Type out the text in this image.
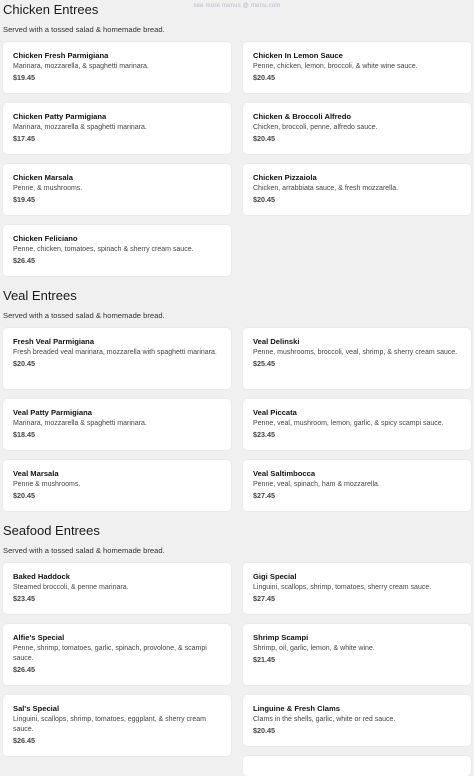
see more menus @ menu.com
Chicken Entrees
Served with a tossed salad & homemade bread.
Chicken Fresh Parmigiana
Marinara, mozzarella, & spaghetti marinara.
$19.45
Chicken Patty Parmigiana
Marinara, mozzarella & spaghetti marinara.
$17.45
Chicken Marsala
Penne, & mushrooms.
$19.45
Chicken Feliciano
Penne, chicken, tomatoes, spinach & sherry cream sauce.
$26.45
Chicken In Lemon Sauce
Penne, chicken, lemon, broccoli, & white wine sauce.
$20.45
Chicken & Broccoli Alfredo
Chicken, broccoli, penne, alfredo sauce.
$20.45
Chicken Pizzaiola
Chicken, arrabbiata sauce, & fresh mozzarella.
$20.45
Veal Entrees
Served with a tossed salad & homemade bread.
Fresh Veal Parmigiana
Fresh breaded veal marinara, mozzarella with spaghetti marinara.
$20.45
Veal Patty Parmigiana
Marinara, mozzarella & spaghetti marinara.
$18.45
Veal Marsala
Penne & mushrooms.
$20.45
Veal Delinski
Penne, mushrooms, broccoli, veal, shrimp, & sherry cream sauce.
$25.45
Veal Piccata
Penne, veal, mushroom, lemon, garlic, & spicy scampi sauce.
$23.45
Veal Saltimbocca
Penne, veal, spinach, ham & mozzarella.
$27.45
Seafood Entrees
Served with a tossed salad & homemade bread.
Baked Haddock
Steamed broccoli, & penne marinara.
$23.45
Alfie's Special
Penne, shrimp, tomatoes, garlic, spinach, provolone, & scampi sauce.
$26.45
Sal's Special
Linguini, scallops, shrimp, tomatoes, eggplant, & sherry cream sauce.
$26.45
Gigi Special
Linguini, scallops, shrimp, tomatoes, sherry cream sauce.
$27.45
Shrimp Scampi
Shrimp, oil, garlic, lemon, & white wine.
$21.45
Linguine & Fresh Clams
Clams in the shells, garlic, white or red sauce.
$20.45
